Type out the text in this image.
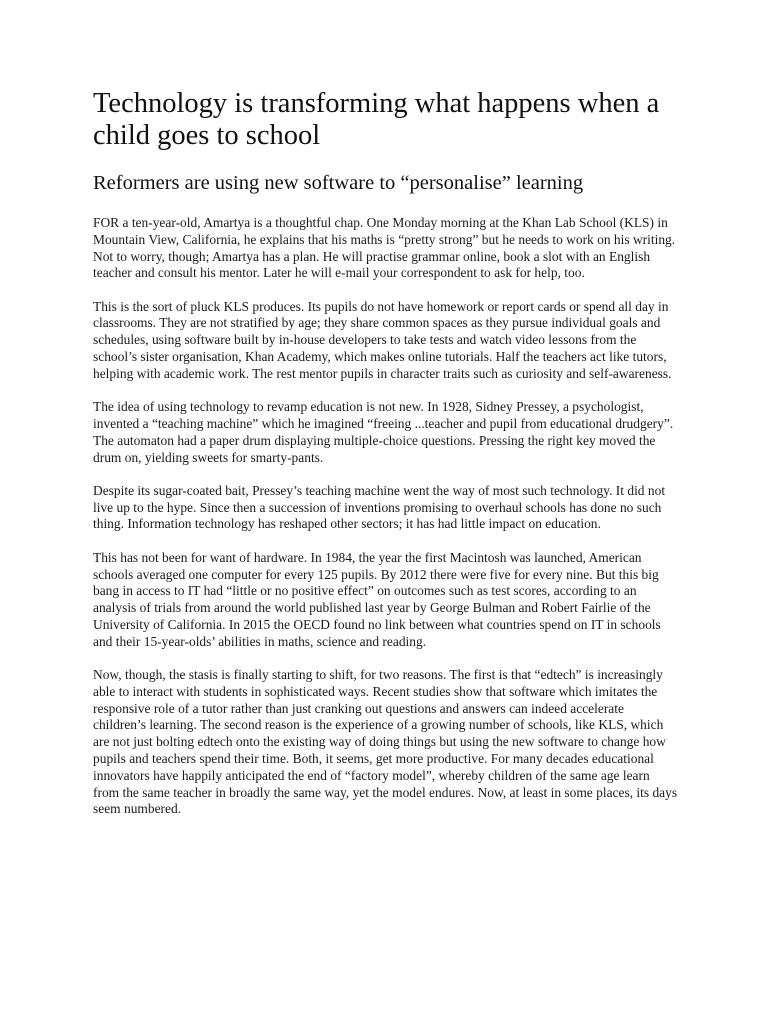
Technology is transforming what happens when a child goes to school
Reformers are using new software to “personalise” learning

FOR a ten-year-old, Amartya is a thoughtful chap. One Monday morning at the Khan Lab School (KLS) in Mountain View, California, he explains that his maths is “pretty strong” but he needs to work on his writing. Not to worry, though; Amartya has a plan. He will practise grammar online, book a slot with an English teacher and consult his mentor. Later he will e-mail your correspondent to ask for help, too.

This is the sort of pluck KLS produces. Its pupils do not have homework or report cards or spend all day in classrooms. They are not stratified by age; they share common spaces as they pursue individual goals and schedules, using software built by in-house developers to take tests and watch video lessons from the school’s sister organisation, Khan Academy, which makes online tutorials. Half the teachers act like tutors, helping with academic work. The rest mentor pupils in character traits such as curiosity and self-awareness.

The idea of using technology to revamp education is not new. In 1928, Sidney Pressey, a psychologist, invented a “teaching machine” which he imagined “freeing ...teacher and pupil from educational drudgery”. The automaton had a paper drum displaying multiple-choice questions. Pressing the right key moved the drum on, yielding sweets for smarty-pants.

Despite its sugar-coated bait, Pressey’s teaching machine went the way of most such technology. It did not live up to the hype. Since then a succession of inventions promising to overhaul schools has done no such thing. Information technology has reshaped other sectors; it has had little impact on education.

This has not been for want of hardware. In 1984, the year the first Macintosh was launched, American schools averaged one computer for every 125 pupils. By 2012 there were five for every nine. But this big bang in access to IT had “little or no positive effect” on outcomes such as test scores, according to an analysis of trials from around the world published last year by George Bulman and Robert Fairlie of the University of California. In 2015 the OECD found no link between what countries spend on IT in schools and their 15-year-olds’ abilities in maths, science and reading.

Now, though, the stasis is finally starting to shift, for two reasons. The first is that “edtech” is increasingly able to interact with students in sophisticated ways. Recent studies show that software which imitates the responsive role of a tutor rather than just cranking out questions and answers can indeed accelerate children’s learning. The second reason is the experience of a growing number of schools, like KLS, which are not just bolting edtech onto the existing way of doing things but using the new software to change how pupils and teachers spend their time. Both, it seems, get more productive. For many decades educational innovators have happily anticipated the end of “factory model”, whereby children of the same age learn from the same teacher in broadly the same way, yet the model endures. Now, at least in some places, its days seem numbered.
